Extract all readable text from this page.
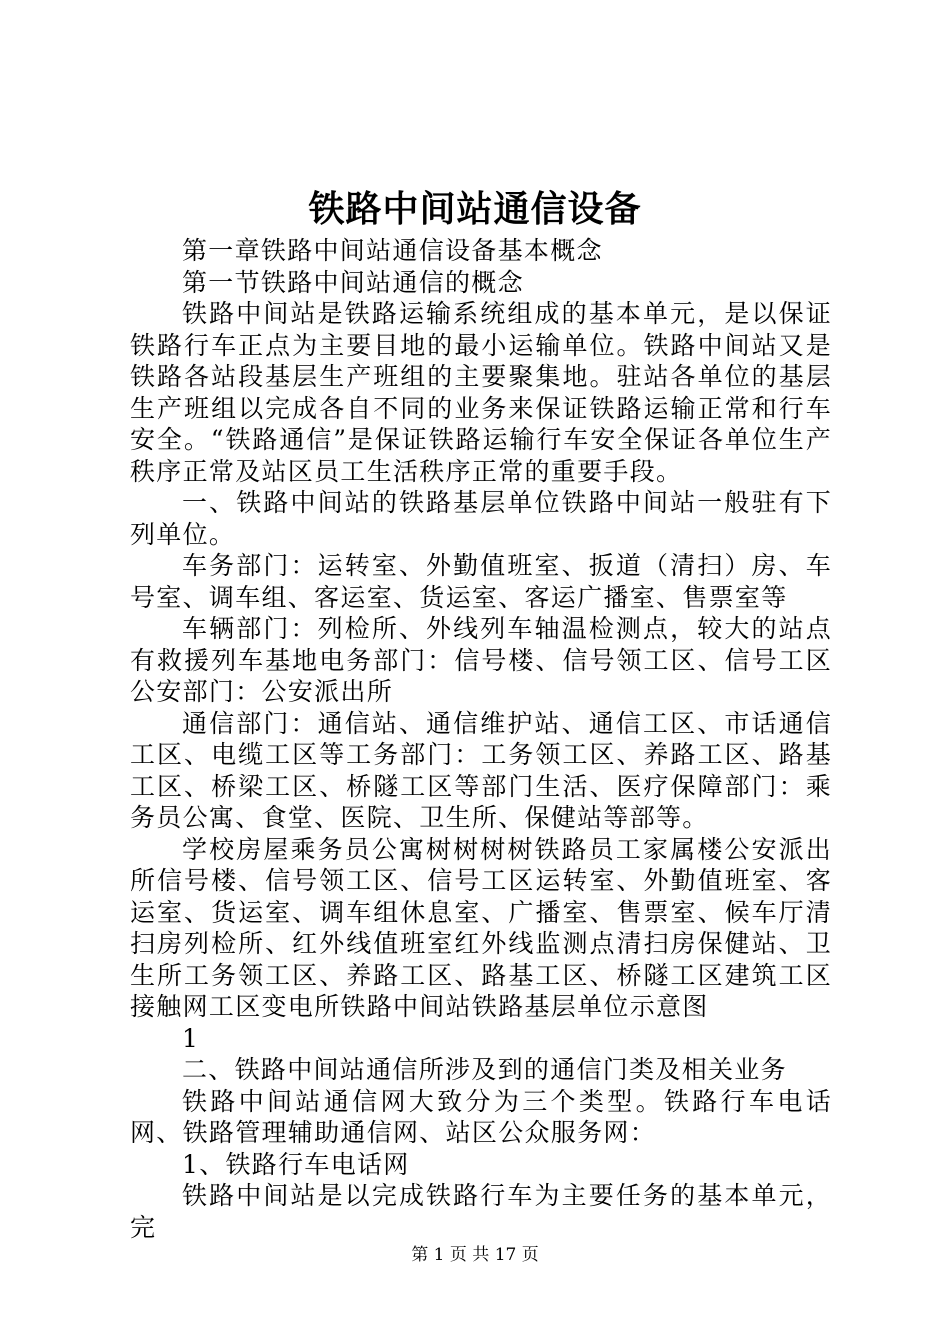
铁路中间站通信设备

第一章铁路中间站通信设备基本概念

第一节铁路中间站通信的概念

铁路中间站是铁路运输系统组成的基本单元，是以保证铁路行车正点为主要目地的最小运输单位。铁路中间站又是铁路各站段基层生产班组的主要聚集地。驻站各单位的基层生产班组以完成各自不同的业务来保证铁路运输正常和行车安全。“铁路通信”是保证铁路运输行车安全保证各单位生产秩序正常及站区员工生活秩序正常的重要手段。

一、铁路中间站的铁路基层单位铁路中间站一般驻有下列单位。

车务部门：运转室、外勤值班室、扳道（清扫）房、车号室、调车组、客运室、货运室、客运广播室、售票室等

车辆部门：列检所、外线列车轴温检测点，较大的站点有救援列车基地电务部门：信号楼、信号领工区、信号工区公安部门：公安派出所

通信部门：通信站、通信维护站、通信工区、市话通信工区、电缆工区等工务部门：工务领工区、养路工区、路基工区、桥梁工区、桥隧工区等部门生活、医疗保障部门：乘务员公寓、食堂、医院、卫生所、保健站等部等。

学校房屋乘务员公寓树树树树铁路员工家属楼公安派出所信号楼、信号领工区、信号工区运转室、外勤值班室、客运室、货运室、调车组休息室、广播室、售票室、候车厅清扫房列检所、红外线值班室红外线监测点清扫房保健站、卫生所工务领工区、养路工区、路基工区、桥隧工区建筑工区接触网工区变电所铁路中间站铁路基层单位示意图

1

二、铁路中间站通信所涉及到的通信门类及相关业务

铁路中间站通信网大致分为三个类型。铁路行车电话网、铁路管理辅助通信网、站区公众服务网：

1、铁路行车电话网

铁路中间站是以完成铁路行车为主要任务的基本单元，完

第 1 页 共 17 页
